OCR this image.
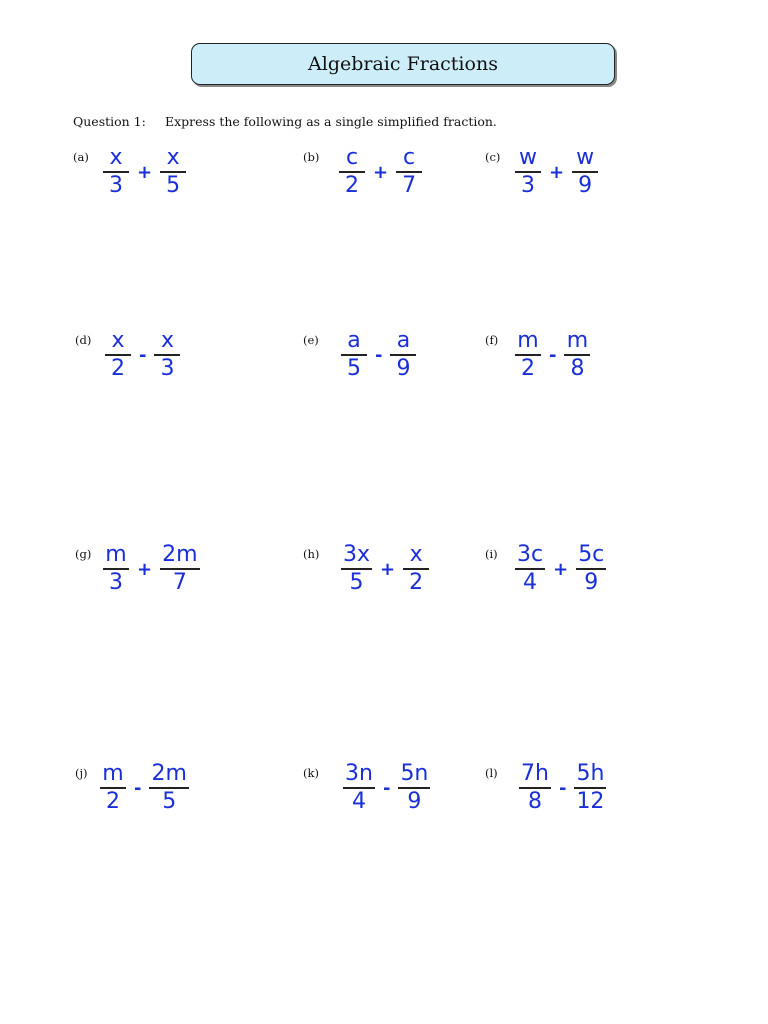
Algebraic Fractions
Question 1: Express the following as a single simplified fraction.
$(a) \frac{x}{3} + \frac{x}{5}$	$(b) \frac{c}{2} + \frac{c}{7}$	$(c) \frac{w}{3} + \frac{w}{9}$
$(d) \frac{x}{2} - \frac{x}{3}$	$(e) \frac{a}{5} - \frac{a}{9}$	$(f) \frac{m}{2} - \frac{m}{8}$
$(g) \frac{m}{3} + \frac{2m}{7}$	$(h) \frac{3x}{5} + \frac{x}{2}$	$(i) \frac{3c}{4} + \frac{5c}{9}$
$(j) \frac{m}{2} - \frac{2m}{5}$	$(k) \frac{3n}{4} - \frac{5n}{9}$	$(l) \frac{7h}{8} - \frac{5h}{12}$
